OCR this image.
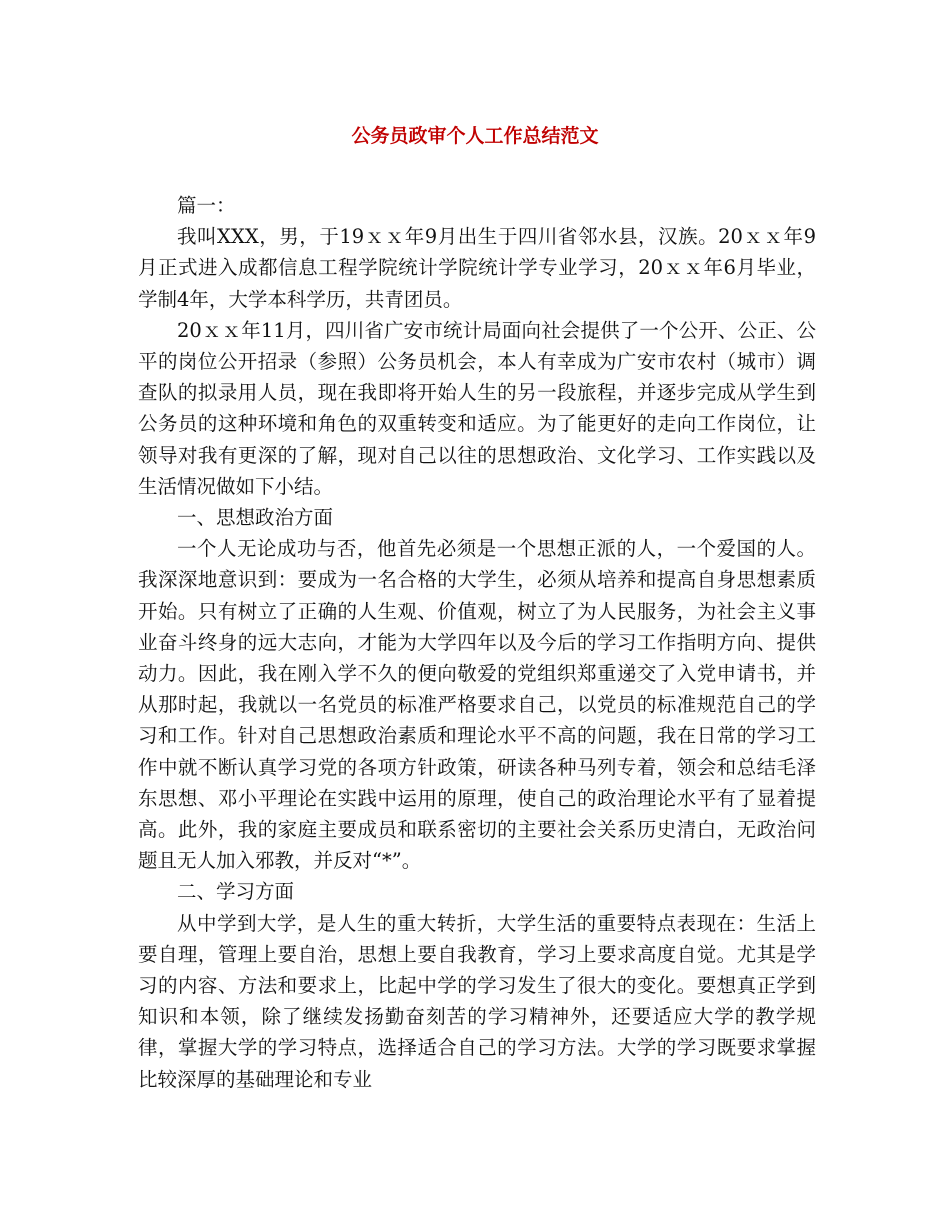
公务员政审个人工作总结范文

篇一：

我叫XXX，男，于19ｘｘ年9月出生于四川省邻水县，汉族。20ｘｘ年9月正式进入成都信息工程学院统计学院统计学专业学习，20ｘｘ年6月毕业，学制4年，大学本科学历，共青团员。

20ｘｘ年11月，四川省广安市统计局面向社会提供了一个公开、公正、公平的岗位公开招录（参照）公务员机会，本人有幸成为广安市农村（城市）调查队的拟录用人员，现在我即将开始人生的另一段旅程，并逐步完成从学生到公务员的这种环境和角色的双重转变和适应。为了能更好的走向工作岗位，让领导对我有更深的了解，现对自己以往的思想政治、文化学习、工作实践以及生活情况做如下小结。

一、思想政治方面

一个人无论成功与否，他首先必须是一个思想正派的人，一个爱国的人。我深深地意识到：要成为一名合格的大学生，必须从培养和提高自身思想素质开始。只有树立了正确的人生观、价值观，树立了为人民服务，为社会主义事业奋斗终身的远大志向，才能为大学四年以及今后的学习工作指明方向、提供动力。因此，我在刚入学不久的便向敬爱的党组织郑重递交了入党申请书，并从那时起，我就以一名党员的标准严格要求自己，以党员的标准规范自己的学习和工作。针对自己思想政治素质和理论水平不高的问题，我在日常的学习工作中就不断认真学习党的各项方针政策，研读各种马列专着，领会和总结毛泽东思想、邓小平理论在实践中运用的原理，使自己的政治理论水平有了显着提高。此外，我的家庭主要成员和联系密切的主要社会关系历史清白，无政治问题且无人加入邪教，并反对“*”。

二、学习方面

从中学到大学，是人生的重大转折，大学生活的重要特点表现在：生活上要自理，管理上要自治，思想上要自我教育，学习上要求高度自觉。尤其是学习的内容、方法和要求上，比起中学的学习发生了很大的变化。要想真正学到知识和本领，除了继续发扬勤奋刻苦的学习精神外，还要适应大学的教学规律，掌握大学的学习特点，选择适合自己的学习方法。大学的学习既要求掌握比较深厚的基础理论和专业
